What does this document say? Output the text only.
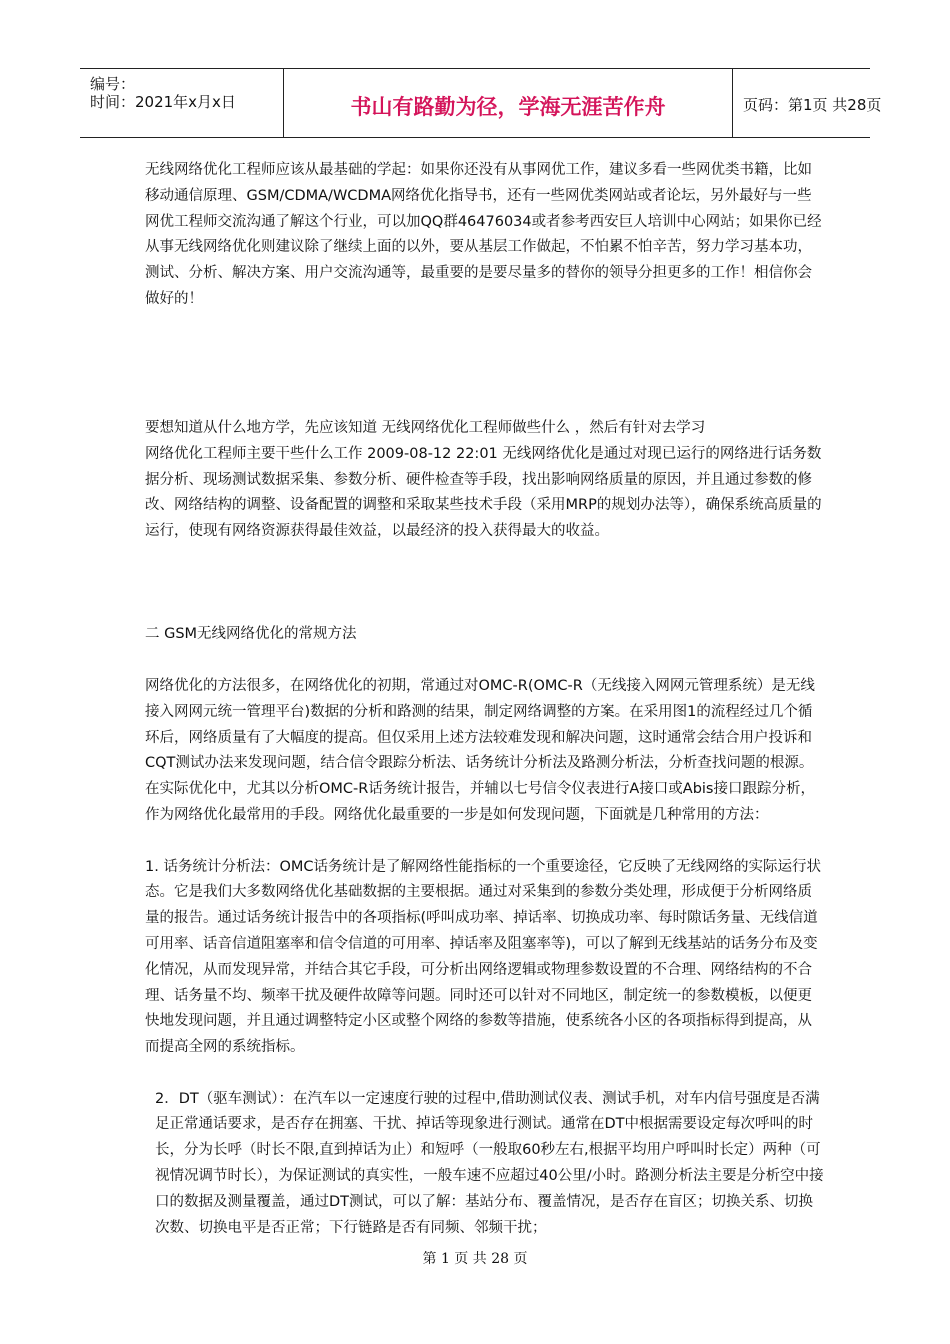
编号：
时间：2021年x月x日	书山有路勤为径，学海无涯苦作舟	页码：第1页 共28页

无线网络优化工程师应该从最基础的学起：如果你还没有从事网优工作，建议多看一些网优类书籍，比如移动通信原理、GSM/CDMA/WCDMA网络优化指导书，还有一些网优类网站或者论坛，另外最好与一些网优工程师交流沟通了解这个行业，可以加QQ群46476034或者参考西安巨人培训中心网站；如果你已经从事无线网络优化则建议除了继续上面的以外，要从基层工作做起，不怕累不怕辛苦，努力学习基本功，测试、分析、解决方案、用户交流沟通等，最重要的是要尽量多的替你的领导分担更多的工作！相信你会做好的！

要想知道从什么地方学，先应该知道 无线网络优化工程师做些什么 ，然后有针对去学习

网络优化工程师主要干些什么工作 2009-08-12 22:01 无线网络优化是通过对现已运行的网络进行话务数据分析、现场测试数据采集、参数分析、硬件检查等手段，找出影响网络质量的原因，并且通过参数的修改、网络结构的调整、设备配置的调整和采取某些技术手段（采用MRP的规划办法等），确保系统高质量的运行，使现有网络资源获得最佳效益，以最经济的投入获得最大的收益。

二 GSM无线网络优化的常规方法

网络优化的方法很多，在网络优化的初期，常通过对OMC-R(OMC-R（无线接入网网元管理系统）是无线接入网网元统一管理平台)数据的分析和路测的结果，制定网络调整的方案。在采用图1的流程经过几个循环后，网络质量有了大幅度的提高。但仅采用上述方法较难发现和解决问题，这时通常会结合用户投诉和CQT测试办法来发现问题，结合信令跟踪分析法、话务统计分析法及路测分析法，分析查找问题的根源。在实际优化中，尤其以分析OMC-R话务统计报告，并辅以七号信令仪表进行A接口或Abis接口跟踪分析，作为网络优化最常用的手段。网络优化最重要的一步是如何发现问题，下面就是几种常用的方法：

1. 话务统计分析法：OMC话务统计是了解网络性能指标的一个重要途径，它反映了无线网络的实际运行状态。它是我们大多数网络优化基础数据的主要根据。通过对采集到的参数分类处理，形成便于分析网络质量的报告。通过话务统计报告中的各项指标(呼叫成功率、掉话率、切换成功率、每时隙话务量、无线信道可用率、话音信道阻塞率和信令信道的可用率、掉话率及阻塞率等)，可以了解到无线基站的话务分布及变化情况，从而发现异常，并结合其它手段，可分析出网络逻辑或物理参数设置的不合理、网络结构的不合理、话务量不均、频率干扰及硬件故障等问题。同时还可以针对不同地区，制定统一的参数模板，以便更快地发现问题，并且通过调整特定小区或整个网络的参数等措施，使系统各小区的各项指标得到提高，从而提高全网的系统指标。

2．DT（驱车测试）：在汽车以一定速度行驶的过程中,借助测试仪表、测试手机，对车内信号强度是否满足正常通话要求，是否存在拥塞、干扰、掉话等现象进行测试。通常在DT中根据需要设定每次呼叫的时长，分为长呼（时长不限,直到掉话为止）和短呼（一般取60秒左右,根据平均用户呼叫时长定）两种（可视情况调节时长），为保证测试的真实性，一般车速不应超过40公里/小时。路测分析法主要是分析空中接口的数据及测量覆盖，通过DT测试，可以了解：基站分布、覆盖情况，是否存在盲区；切换关系、切换次数、切换电平是否正常；下行链路是否有同频、邻频干扰；

第 1 页 共 28 页
